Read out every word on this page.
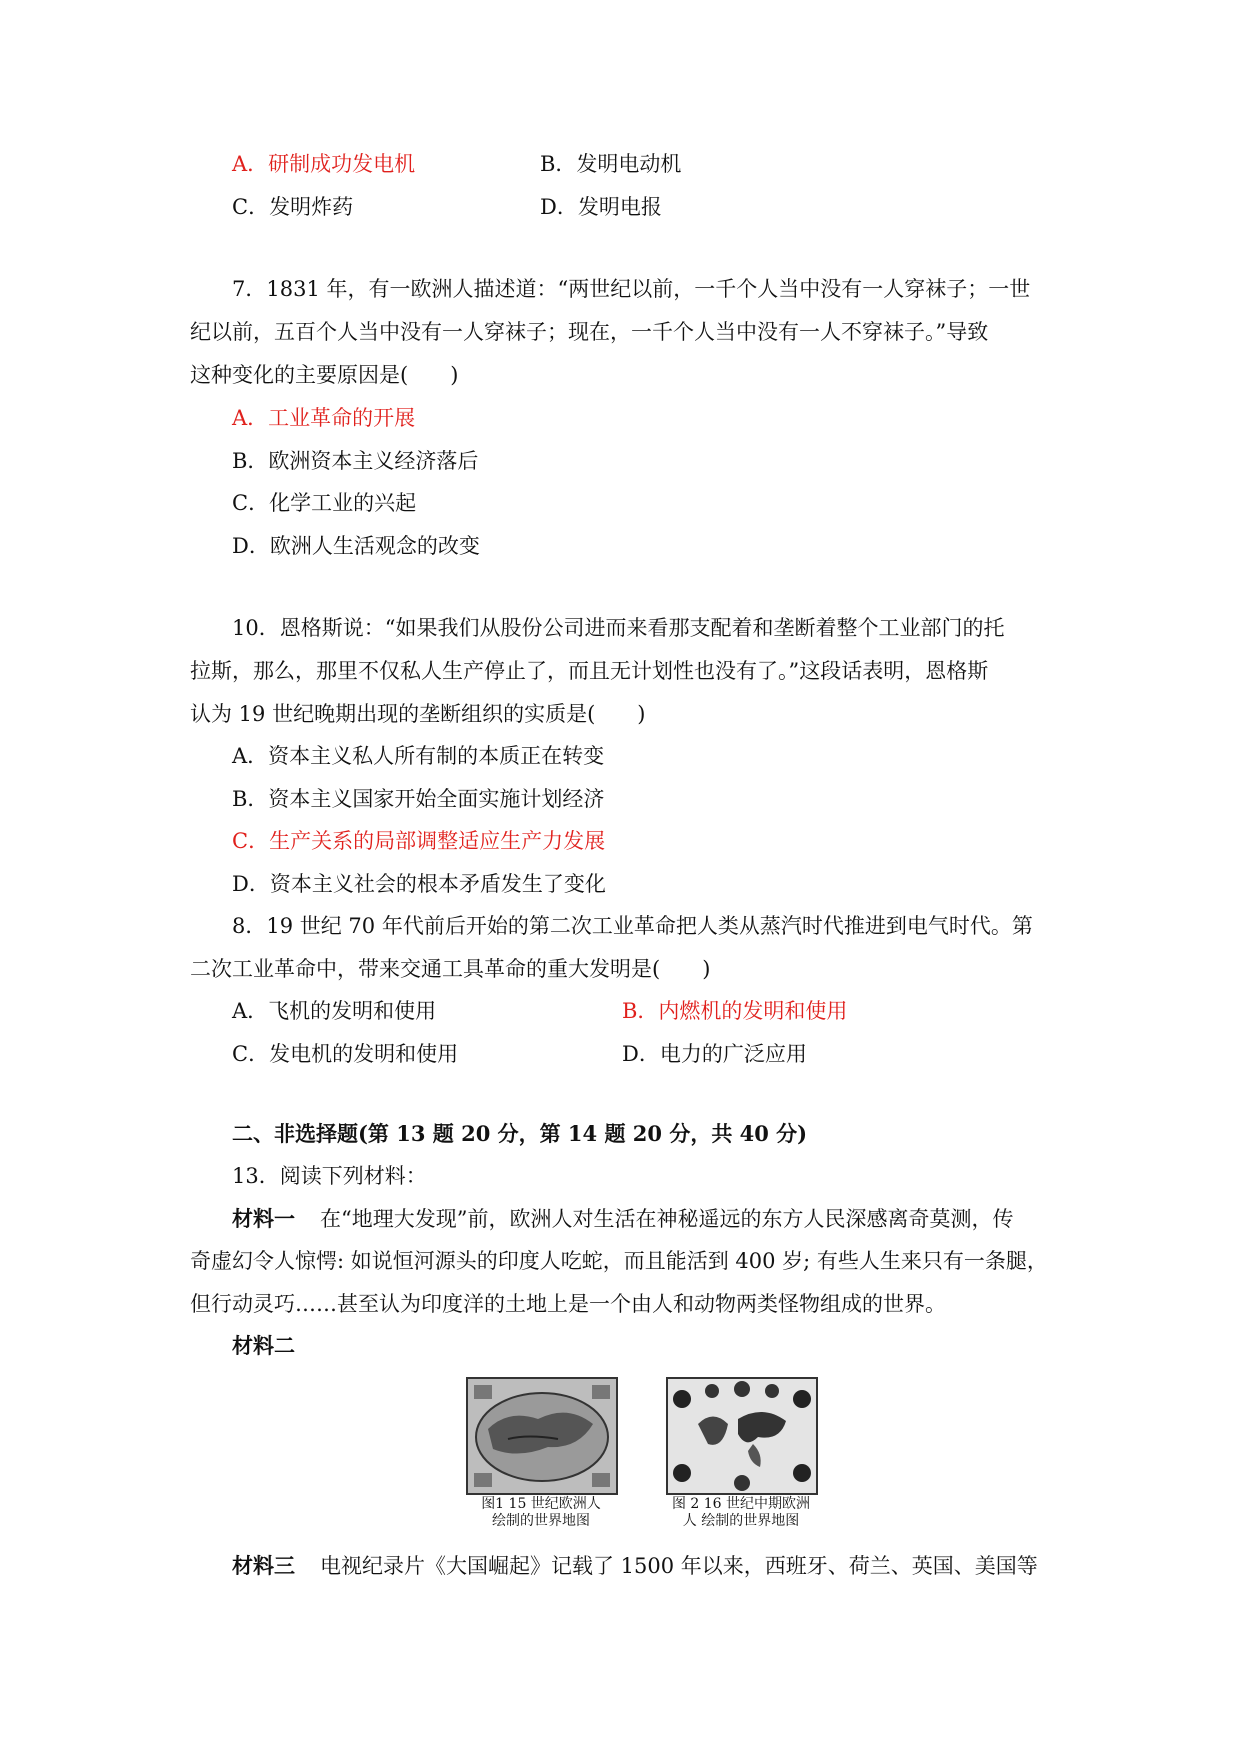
A．研制成功发电机	B．发明电动机
C．发明炸药	D．发明电报
7．1831 年，有一欧洲人描述道：“两世纪以前，一千个人当中没有一人穿袜子；一世
纪以前，五百个人当中没有一人穿袜子；现在，一千个人当中没有一人不穿袜子。”导致
这种变化的主要原因是(　　)
A．工业革命的开展
B．欧洲资本主义经济落后
C．化学工业的兴起
D．欧洲人生活观念的改变
10．恩格斯说：“如果我们从股份公司进而来看那支配着和垄断着整个工业部门的托
拉斯，那么，那里不仅私人生产停止了，而且无计划性也没有了。”这段话表明，恩格斯
认为 19 世纪晚期出现的垄断组织的实质是(　　)
A．资本主义私人所有制的本质正在转变
B．资本主义国家开始全面实施计划经济
C．生产关系的局部调整适应生产力发展
D．资本主义社会的根本矛盾发生了变化
8．19 世纪 70 年代前后开始的第二次工业革命把人类从蒸汽时代推进到电气时代。第
二次工业革命中，带来交通工具革命的重大发明是(　　)
A．飞机的发明和使用	B．内燃机的发明和使用
C．发电机的发明和使用	D．电力的广泛应用
二、非选择题(第 13 题 20 分，第 14 题 20 分，共 40 分)
13．阅读下列材料：
材料一 在“地理大发现”前，欧洲人对生活在神秘遥远的东方人民深感离奇莫测，传
奇虚幻令人惊愕: 如说恒河源头的印度人吃蛇，而且能活到 400 岁; 有些人生来只有一条腿，
但行动灵巧……甚至认为印度洋的土地上是一个由人和动物两类怪物组成的世界。
材料二
图1 15 世纪欧洲人
绘制的世界地图
图 2 16 世纪中期欧洲
人 绘制的世界地图
材料三 电视纪录片《大国崛起》记载了 1500 年以来，西班牙、荷兰、英国、美国等
